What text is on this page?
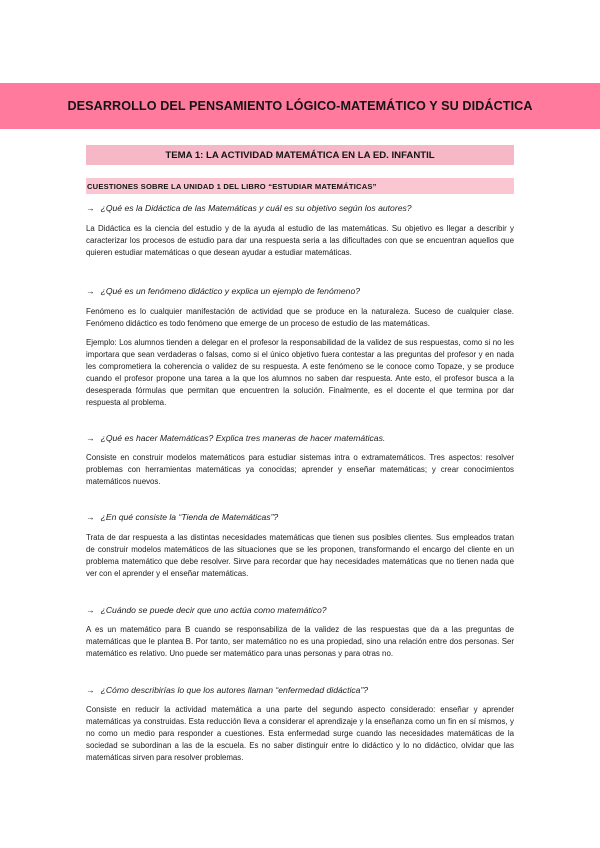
DESARROLLO DEL PENSAMIENTO LÓGICO-MATEMÁTICO Y SU DIDÁCTICA
TEMA 1: LA ACTIVIDAD MATEMÁTICA EN LA ED. INFANTIL
CUESTIONES SOBRE LA UNIDAD 1 DEL LIBRO “ESTUDIAR MATEMÁTICAS”
→ ¿Qué es la Didáctica de las Matemáticas y cuál es su objetivo según los autores?

La Didáctica es la ciencia del estudio y de la ayuda al estudio de las matemáticas. Su objetivo es llegar a describir y caracterizar los procesos de estudio para dar una respuesta seria a las dificultades con que se encuentran aquellos que quieren estudiar matemáticas o que desean ayudar a estudiar matemáticas.

→ ¿Qué es un fenómeno didáctico y explica un ejemplo de fenómeno?

Fenómeno es lo cualquier manifestación de actividad que se produce en la naturaleza. Suceso de cualquier clase. Fenómeno didáctico es todo fenómeno que emerge de un proceso de estudio de las matemáticas.

Ejemplo: Los alumnos tienden a delegar en el profesor la responsabilidad de la validez de sus respuestas, como si no les importara que sean verdaderas o falsas, como si el único objetivo fuera contestar a las preguntas del profesor y en nada les comprometiera la coherencia o validez de su respuesta. A este fenómeno se le conoce como Topaze, y se produce cuando el profesor propone una tarea a la que los alumnos no saben dar respuesta. Ante esto, el profesor busca a la desesperada fórmulas que permitan que encuentren la solución. Finalmente, es el docente el que termina por dar respuesta al problema.

→ ¿Qué es hacer Matemáticas? Explica tres maneras de hacer matemáticas.

Consiste en construir modelos matemáticos para estudiar sistemas intra o extramatemáticos. Tres aspectos: resolver problemas con herramientas matemáticas ya conocidas; aprender y enseñar matemáticas; y crear conocimientos matemáticos nuevos.

→ ¿En qué consiste la “Tienda de Matemáticas”?

Trata de dar respuesta a las distintas necesidades matemáticas que tienen sus posibles clientes. Sus empleados tratan de construir modelos matemáticos de las situaciones que se les proponen, transformando el encargo del cliente en un problema matemático que debe resolver. Sirve para recordar que hay necesidades matemáticas que no tienen nada que ver con el aprender y el enseñar matemáticas.

→ ¿Cuándo se puede decir que uno actúa como matemático?

A es un matemático para B cuando se responsabiliza de la validez de las respuestas que da a las preguntas de matemáticas que le plantea B. Por tanto, ser matemático no es una propiedad, sino una relación entre dos personas. Ser matemático es relativo. Uno puede ser matemático para unas personas y para otras no.

→ ¿Cómo describirías lo que los autores llaman “enfermedad didáctica”?

Consiste en reducir la actividad matemática a una parte del segundo aspecto considerado: enseñar y aprender matemáticas ya construidas. Esta reducción lleva a considerar el aprendizaje y la enseñanza como un fin en sí mismos, y no como un medio para responder a cuestiones. Esta enfermedad surge cuando las necesidades matemáticas de la sociedad se subordinan a las de la escuela. Es no saber distinguir entre lo didáctico y lo no didáctico, olvidar que las matemáticas sirven para resolver problemas.
